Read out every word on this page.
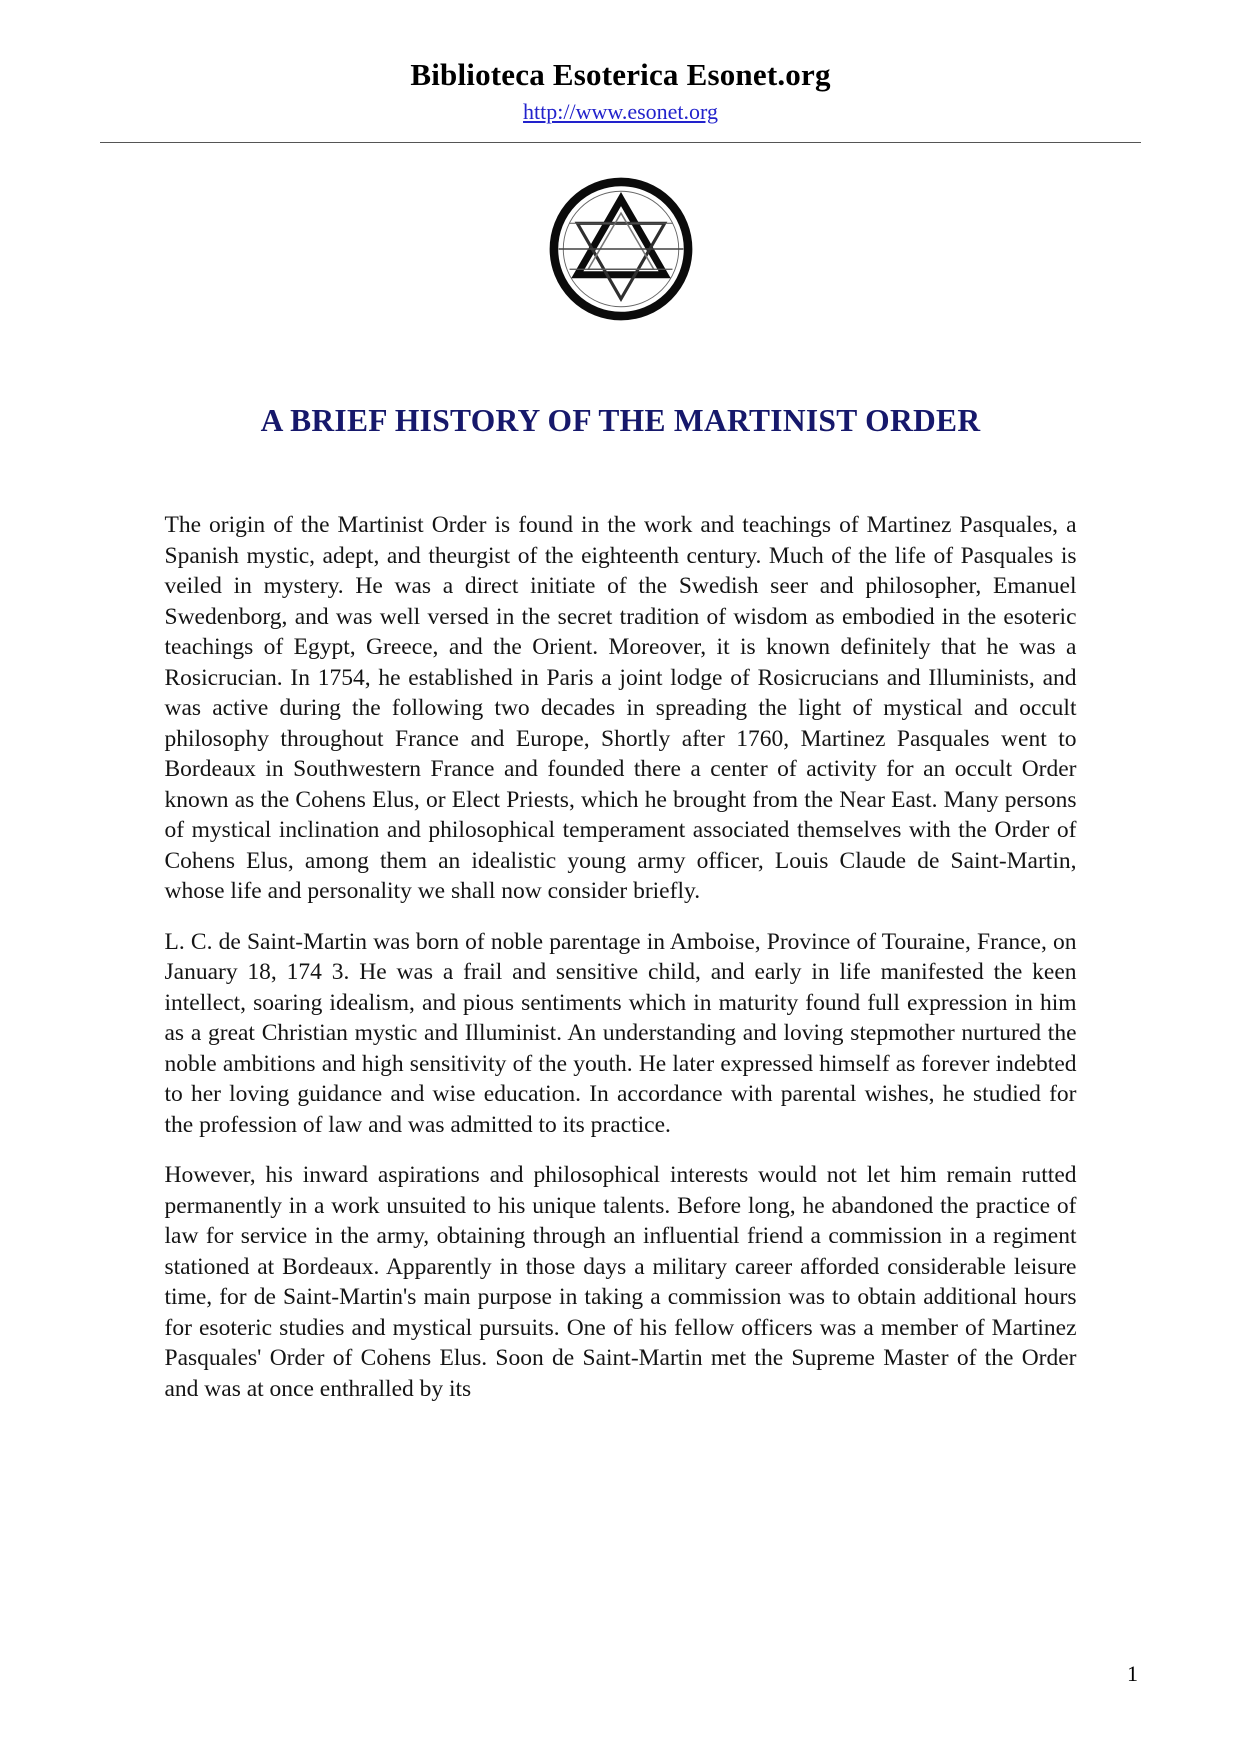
Biblioteca Esoterica Esonet.org
http://www.esonet.org
A BRIEF HISTORY OF THE MARTINIST ORDER

The origin of the Martinist Order is found in the work and teachings of Martinez Pasquales, a Spanish mystic, adept, and theurgist of the eighteenth century. Much of the life of Pasquales is veiled in mystery. He was a direct initiate of the Swedish seer and philosopher, Emanuel Swedenborg, and was well versed in the secret tradition of wisdom as embodied in the esoteric teachings of Egypt, Greece, and the Orient. Moreover, it is known definitely that he was a Rosicrucian. In 1754, he established in Paris a joint lodge of Rosicrucians and Illuminists, and was active during the following two decades in spreading the light of mystical and occult philosophy throughout France and Europe, Shortly after 1760, Martinez Pasquales went to Bordeaux in Southwestern France and founded there a center of activity for an occult Order known as the Cohens Elus, or Elect Priests, which he brought from the Near East. Many persons of mystical inclination and philosophical temperament associated themselves with the Order of Cohens Elus, among them an idealistic young army officer, Louis Claude de Saint-Martin, whose life and personality we shall now consider briefly.

L. C. de Saint-Martin was born of noble parentage in Amboise, Province of Touraine, France, on January 18, 174 3. He was a frail and sensitive child, and early in life manifested the keen intellect, soaring idealism, and pious sentiments which in maturity found full expression in him as a great Christian mystic and Illuminist. An understanding and loving stepmother nurtured the noble ambitions and high sensitivity of the youth. He later expressed himself as forever indebted to her loving guidance and wise education. In accordance with parental wishes, he studied for the profession of law and was admitted to its practice.

However, his inward aspirations and philosophical interests would not let him remain rutted permanently in a work unsuited to his unique talents. Before long, he abandoned the practice of law for service in the army, obtaining through an influential friend a commission in a regiment stationed at Bordeaux. Apparently in those days a military career afforded considerable leisure time, for de Saint-Martin's main purpose in taking a commission was to obtain additional hours for esoteric studies and mystical pursuits. One of his fellow officers was a member of Martinez Pasquales' Order of Cohens Elus. Soon de Saint-Martin met the Supreme Master of the Order and was at once enthralled by its

1
